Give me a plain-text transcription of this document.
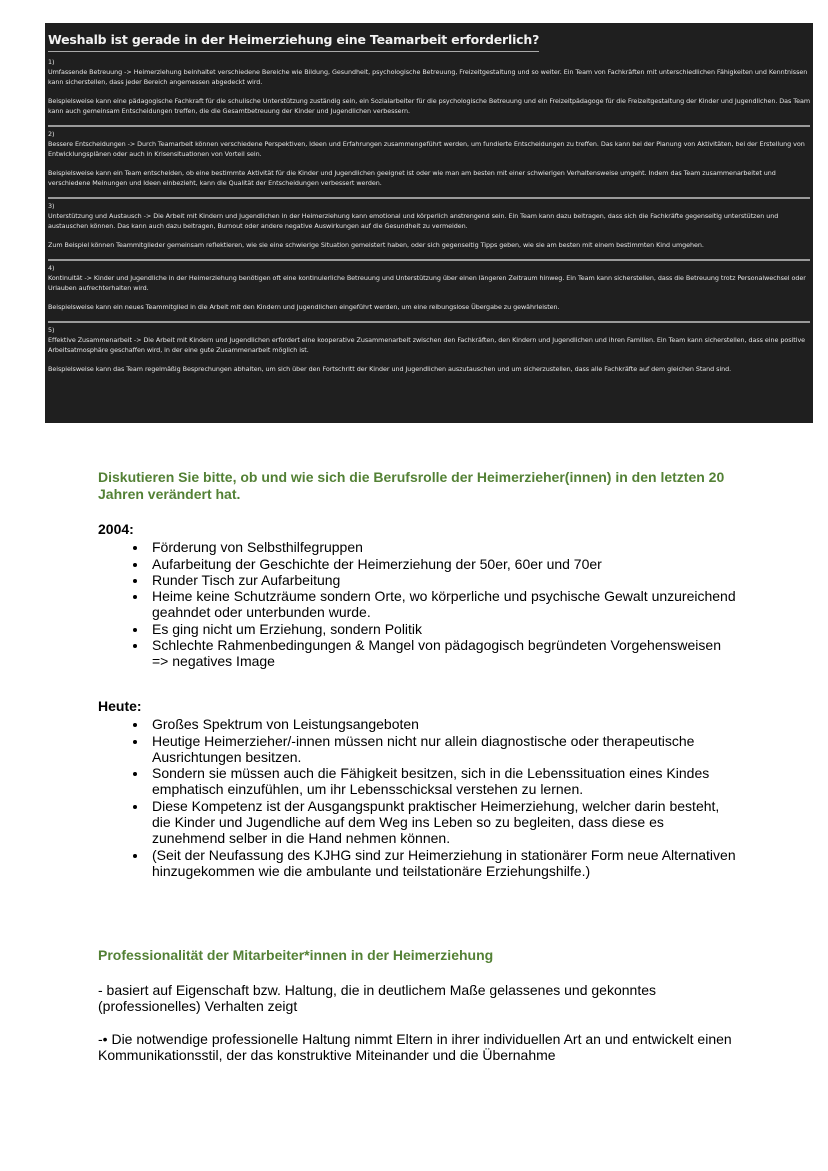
Weshalb ist gerade in der Heimerziehung eine Teamarbeit erforderlich?

1)

Umfassende Betreuung -> Heimerziehung beinhaltet verschiedene Bereiche wie Bildung, Gesundheit, psychologische Betreuung, Freizeitgestaltung und so weiter. Ein Team von Fachkräften mit unterschiedlichen Fähigkeiten und Kenntnissen kann sicherstellen, dass jeder Bereich angemessen abgedeckt wird.

Beispielsweise kann eine pädagogische Fachkraft für die schulische Unterstützung zuständig sein, ein Sozialarbeiter für die psychologische Betreuung und ein Freizeitpädagoge für die Freizeitgestaltung der Kinder und Jugendlichen. Das Team kann auch gemeinsam Entscheidungen treffen, die die Gesamtbetreuung der Kinder und Jugendlichen verbessern.

2)

Bessere Entscheidungen -> Durch Teamarbeit können verschiedene Perspektiven, Ideen und Erfahrungen zusammengeführt werden, um fundierte Entscheidungen zu treffen. Das kann bei der Planung von Aktivitäten, bei der Erstellung von Entwicklungsplänen oder auch in Krisensituationen von Vorteil sein.

Beispielsweise kann ein Team entscheiden, ob eine bestimmte Aktivität für die Kinder und Jugendlichen geeignet ist oder wie man am besten mit einer schwierigen Verhaltensweise umgeht. Indem das Team zusammenarbeitet und verschiedene Meinungen und Ideen einbezieht, kann die Qualität der Entscheidungen verbessert werden.

3)

Unterstützung und Austausch -> Die Arbeit mit Kindern und Jugendlichen in der Heimerziehung kann emotional und körperlich anstrengend sein. Ein Team kann dazu beitragen, dass sich die Fachkräfte gegenseitig unterstützen und austauschen können. Das kann auch dazu beitragen, Burnout oder andere negative Auswirkungen auf die Gesundheit zu vermeiden.

Zum Beispiel können Teammitglieder gemeinsam reflektieren, wie sie eine schwierige Situation gemeistert haben, oder sich gegenseitig Tipps geben, wie sie am besten mit einem bestimmten Kind umgehen.

4)

Kontinuität -> Kinder und Jugendliche in der Heimerziehung benötigen oft eine kontinuierliche Betreuung und Unterstützung über einen längeren Zeitraum hinweg. Ein Team kann sicherstellen, dass die Betreuung trotz Personalwechsel oder Urlauben aufrechterhalten wird.

Beispielsweise kann ein neues Teammitglied in die Arbeit mit den Kindern und Jugendlichen eingeführt werden, um eine reibungslose Übergabe zu gewährleisten.

5)

Effektive Zusammenarbeit -> Die Arbeit mit Kindern und Jugendlichen erfordert eine kooperative Zusammenarbeit zwischen den Fachkräften, den Kindern und Jugendlichen und ihren Familien. Ein Team kann sicherstellen, dass eine positive Arbeitsatmosphäre geschaffen wird, in der eine gute Zusammenarbeit möglich ist.

Beispielsweise kann das Team regelmäßig Besprechungen abhalten, um sich über den Fortschritt der Kinder und Jugendlichen auszutauschen und um sicherzustellen, dass alle Fachkräfte auf dem gleichen Stand sind.

Diskutieren Sie bitte, ob und wie sich die Berufsrolle der Heimerzieher(innen) in den letzten 20 Jahren verändert hat.
2004:
• Förderung von Selbsthilfegruppen
• Aufarbeitung der Geschichte der Heimerziehung der 50er, 60er und 70er
• Runder Tisch zur Aufarbeitung
• Heime keine Schutzräume sondern Orte, wo körperliche und psychische Gewalt unzureichend geahndet oder unterbunden wurde.
• Es ging nicht um Erziehung, sondern Politik
• Schlechte Rahmenbedingungen & Mangel von pädagogisch begründeten Vorgehensweisen => negatives Image
Heute:
• Großes Spektrum von Leistungsangeboten
• Heutige Heimerzieher/-innen müssen nicht nur allein diagnostische oder therapeutische Ausrichtungen besitzen.
• Sondern sie müssen auch die Fähigkeit besitzen, sich in die Lebenssituation eines Kindes emphatisch einzufühlen, um ihr Lebensschicksal verstehen zu lernen.
• Diese Kompetenz ist der Ausgangspunkt praktischer Heimerziehung, welcher darin besteht, die Kinder und Jugendliche auf dem Weg ins Leben so zu begleiten, dass diese es zunehmend selber in die Hand nehmen können.
• (Seit der Neufassung des KJHG sind zur Heimerziehung in stationärer Form neue Alternativen hinzugekommen wie die ambulante und teilstationäre Erziehungshilfe.)
Professionalität der Mitarbeiter*innen in der Heimerziehung

- basiert auf Eigenschaft bzw. Haltung, die in deutlichem Maße gelassenes und gekonntes (professionelles) Verhalten zeigt

-• Die notwendige professionelle Haltung nimmt Eltern in ihrer individuellen Art an und entwickelt einen Kommunikationsstil, der das konstruktive Miteinander und die Übernahme
